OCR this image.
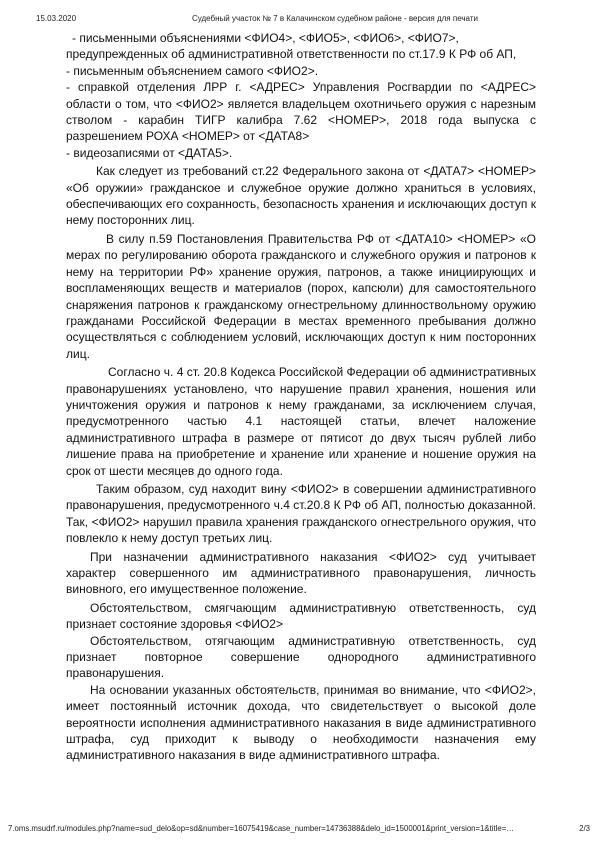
15.03.2020	Судебный участок № 7 в Калачинском судебном районе - версия для печати

- письменными объяснениями <ФИО4>, <ФИО5>, <ФИО6>, <ФИО7>,

предупрежденных об административной ответственности по ст.17.9 К РФ об АП,

- письменным объяснением самого <ФИО2>.

- справкой отделения ЛРР г. <АДРЕС> Управления Росгвардии по <АДРЕС> области о том, что <ФИО2> является владельцем охотничьего оружия с нарезным стволом - карабин ТИГР калибра 7.62 <НОМЕР>, 2018 года выпуска с разрешением РОХА <НОМЕР> от <ДАТА8>

- видеозаписями от <ДАТА5>.

Как следует из требований ст.22 Федерального закона от <ДАТА7> <НОМЕР> «Об оружии» гражданское и служебное оружие должно храниться в условиях, обеспечивающих его сохранность, безопасность хранения и исключающих доступ к нему посторонних лиц.

В силу п.59 Постановления Правительства РФ от <ДАТА10> <НОМЕР> «О мерах по регулированию оборота гражданского и служебного оружия и патронов к нему на территории РФ» хранение оружия, патронов, а также инициирующих и воспламеняющих веществ и материалов (порох, капсюли) для самостоятельного снаряжения патронов к гражданскому огнестрельному длинноствольному оружию гражданами Российской Федерации в местах временного пребывания должно осуществляться с соблюдением условий, исключающих доступ к ним посторонних лиц.

Согласно ч. 4 ст. 20.8 Кодекса Российской Федерации об административных правонарушениях установлено, что нарушение правил хранения, ношения или уничтожения оружия и патронов к нему гражданами, за исключением случая, предусмотренного частью 4.1 настоящей статьи, влечет наложение административного штрафа в размере от пятисот до двух тысяч рублей либо лишение права на приобретение и хранение или хранение и ношение оружия на срок от шести месяцев до одного года.

Таким образом, суд находит вину <ФИО2> в совершении административного правонарушения, предусмотренного ч.4 ст.20.8 К РФ об АП, полностью доказанной. Так, <ФИО2> нарушил правила хранения гражданского огнестрельного оружия, что повлекло к нему доступ третьих лиц.

При назначении административного наказания <ФИО2> суд учитывает характер совершенного им административного правонарушения, личность виновного, его имущественное положение.

Обстоятельством, смягчающим административную ответственность, суд признает состояние здоровья <ФИО2>

Обстоятельством, отягчающим административную ответственность, суд признает повторное совершение однородного административного правонарушения.

На основании указанных обстоятельств, принимая во внимание, что <ФИО2>, имеет постоянный источник дохода, что свидетельствует о высокой доле вероятности исполнения административного наказания в виде административного штрафа, суд приходит к выводу о необходимости назначения ему административного наказания в виде административного штрафа.

7.oms.msudrf.ru/modules.php?name=sud_delo&op=sd&number=16075419&case_number=14736388&delo_id=1500001&print_version=1&title=…	2/3
